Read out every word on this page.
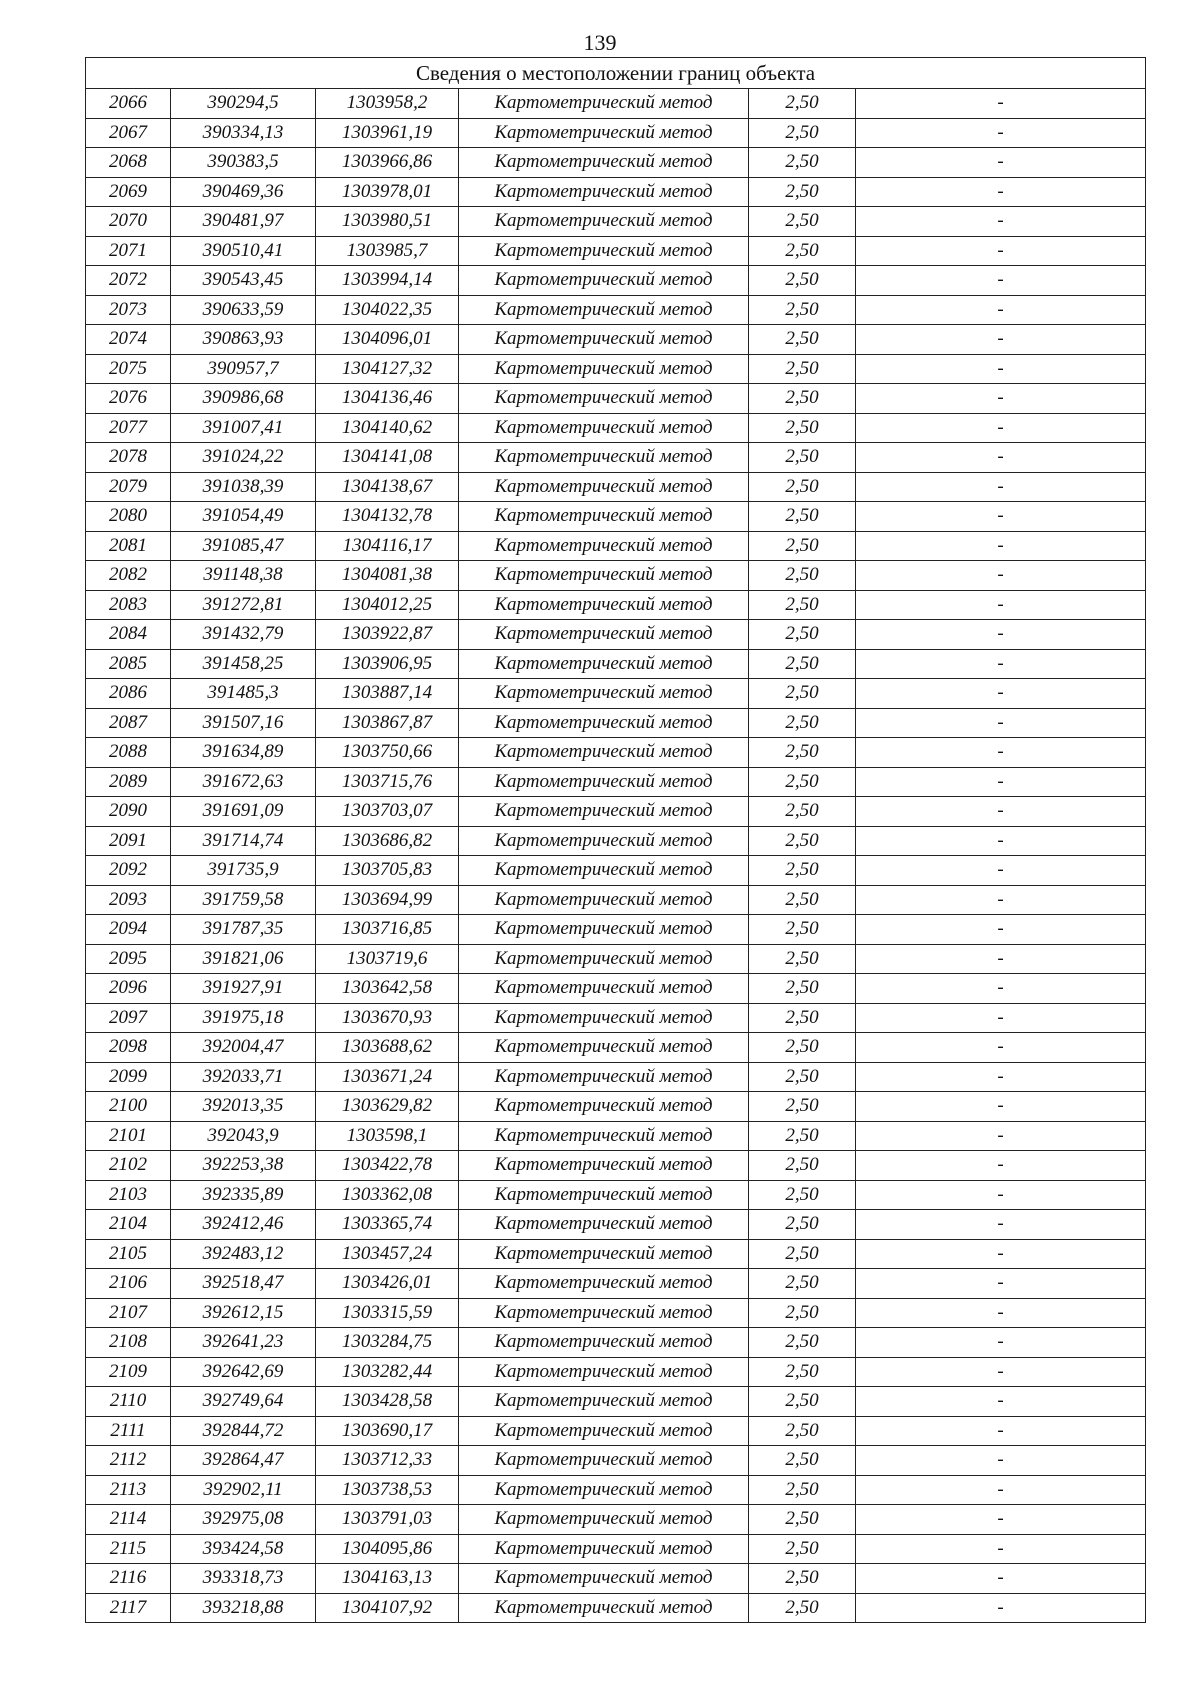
139
Сведения о местоположении границ объекта					
2066	390294,5	1303958,2	Картометрический метод	2,50	-
2067	390334,13	1303961,19	Картометрический метод	2,50	-
2068	390383,5	1303966,86	Картометрический метод	2,50	-
2069	390469,36	1303978,01	Картометрический метод	2,50	-
2070	390481,97	1303980,51	Картометрический метод	2,50	-
2071	390510,41	1303985,7	Картометрический метод	2,50	-
2072	390543,45	1303994,14	Картометрический метод	2,50	-
2073	390633,59	1304022,35	Картометрический метод	2,50	-
2074	390863,93	1304096,01	Картометрический метод	2,50	-
2075	390957,7	1304127,32	Картометрический метод	2,50	-
2076	390986,68	1304136,46	Картометрический метод	2,50	-
2077	391007,41	1304140,62	Картометрический метод	2,50	-
2078	391024,22	1304141,08	Картометрический метод	2,50	-
2079	391038,39	1304138,67	Картометрический метод	2,50	-
2080	391054,49	1304132,78	Картометрический метод	2,50	-
2081	391085,47	1304116,17	Картометрический метод	2,50	-
2082	391148,38	1304081,38	Картометрический метод	2,50	-
2083	391272,81	1304012,25	Картометрический метод	2,50	-
2084	391432,79	1303922,87	Картометрический метод	2,50	-
2085	391458,25	1303906,95	Картометрический метод	2,50	-
2086	391485,3	1303887,14	Картометрический метод	2,50	-
2087	391507,16	1303867,87	Картометрический метод	2,50	-
2088	391634,89	1303750,66	Картометрический метод	2,50	-
2089	391672,63	1303715,76	Картометрический метод	2,50	-
2090	391691,09	1303703,07	Картометрический метод	2,50	-
2091	391714,74	1303686,82	Картометрический метод	2,50	-
2092	391735,9	1303705,83	Картометрический метод	2,50	-
2093	391759,58	1303694,99	Картометрический метод	2,50	-
2094	391787,35	1303716,85	Картометрический метод	2,50	-
2095	391821,06	1303719,6	Картометрический метод	2,50	-
2096	391927,91	1303642,58	Картометрический метод	2,50	-
2097	391975,18	1303670,93	Картометрический метод	2,50	-
2098	392004,47	1303688,62	Картометрический метод	2,50	-
2099	392033,71	1303671,24	Картометрический метод	2,50	-
2100	392013,35	1303629,82	Картометрический метод	2,50	-
2101	392043,9	1303598,1	Картометрический метод	2,50	-
2102	392253,38	1303422,78	Картометрический метод	2,50	-
2103	392335,89	1303362,08	Картометрический метод	2,50	-
2104	392412,46	1303365,74	Картометрический метод	2,50	-
2105	392483,12	1303457,24	Картометрический метод	2,50	-
2106	392518,47	1303426,01	Картометрический метод	2,50	-
2107	392612,15	1303315,59	Картометрический метод	2,50	-
2108	392641,23	1303284,75	Картометрический метод	2,50	-
2109	392642,69	1303282,44	Картометрический метод	2,50	-
2110	392749,64	1303428,58	Картометрический метод	2,50	-
2111	392844,72	1303690,17	Картометрический метод	2,50	-
2112	392864,47	1303712,33	Картометрический метод	2,50	-
2113	392902,11	1303738,53	Картометрический метод	2,50	-
2114	392975,08	1303791,03	Картометрический метод	2,50	-
2115	393424,58	1304095,86	Картометрический метод	2,50	-
2116	393318,73	1304163,13	Картометрический метод	2,50	-
2117	393218,88	1304107,92	Картометрический метод	2,50	-
